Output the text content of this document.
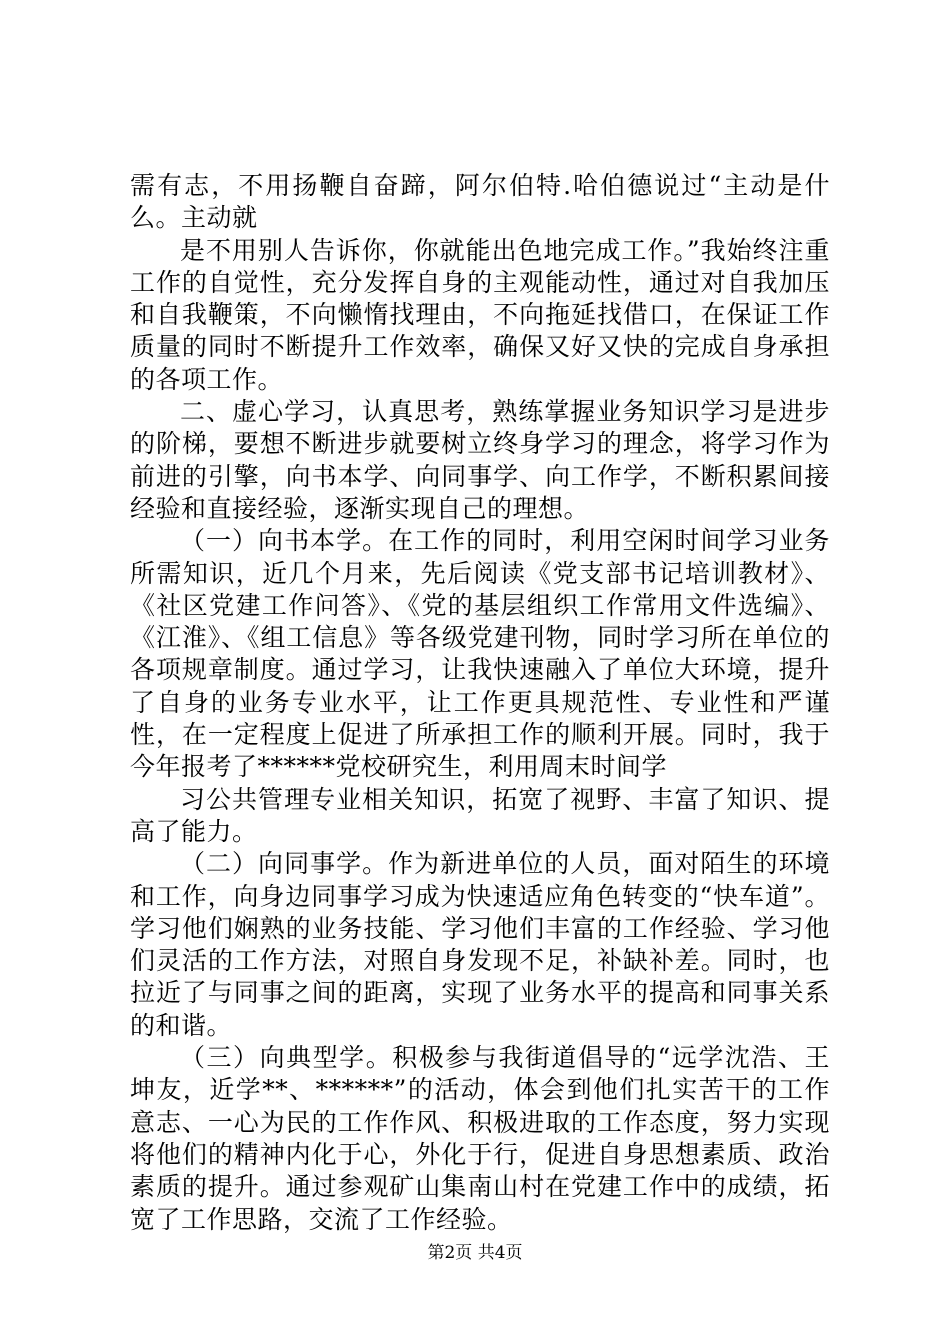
需有志，不用扬鞭自奋蹄，阿尔伯特.哈伯德说过“主动是什么。主动就

是不用别人告诉你，你就能出色地完成工作。”我始终注重工作的自觉性，充分发挥自身的主观能动性，通过对自我加压和自我鞭策，不向懒惰找理由，不向拖延找借口，在保证工作质量的同时不断提升工作效率，确保又好又快的完成自身承担的各项工作。

二、虚心学习，认真思考，熟练掌握业务知识学习是进步的阶梯，要想不断进步就要树立终身学习的理念，将学习作为前进的引擎，向书本学、向同事学、向工作学，不断积累间接经验和直接经验，逐渐实现自己的理想。

（一）向书本学。在工作的同时，利用空闲时间学习业务所需知识，近几个月来，先后阅读《党支部书记培训教材》、《社区党建工作问答》、《党的基层组织工作常用文件选编》、《江淮》、《组工信息》等各级党建刊物，同时学习所在单位的各项规章制度。通过学习，让我快速融入了单位大环境，提升了自身的业务专业水平，让工作更具规范性、专业性和严谨性，在一定程度上促进了所承担工作的顺利开展。同时，我于今年报考了******党校研究生，利用周末时间学

习公共管理专业相关知识，拓宽了视野、丰富了知识、提高了能力。

（二）向同事学。作为新进单位的人员，面对陌生的环境和工作，向身边同事学习成为快速适应角色转变的“快车道”。学习他们娴熟的业务技能、学习他们丰富的工作经验、学习他们灵活的工作方法，对照自身发现不足，补缺补差。同时，也拉近了与同事之间的距离，实现了业务水平的提高和同事关系的和谐。

（三）向典型学。积极参与我街道倡导的“远学沈浩、王坤友，近学**、******”的活动，体会到他们扎实苦干的工作意志、一心为民的工作作风、积极进取的工作态度，努力实现将他们的精神内化于心，外化于行，促进自身思想素质、政治素质的提升。通过参观矿山集南山村在党建工作中的成绩，拓宽了工作思路，交流了工作经验。

第2页 共4页
